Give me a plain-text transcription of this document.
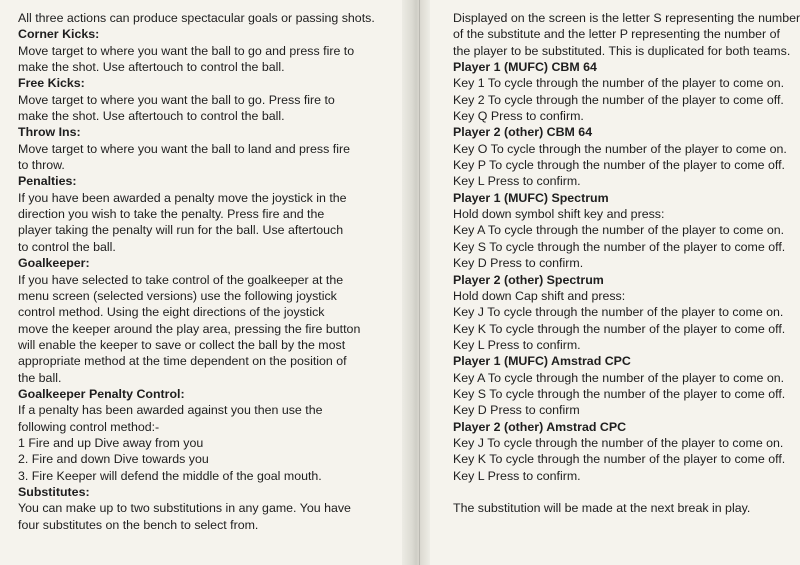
All three actions can produce spectacular goals or passing shots.
Corner Kicks:
Move target to where you want the ball to go and press fire to
make the shot. Use aftertouch to control the ball.
Free Kicks:
Move target to where you want the ball to go. Press fire to
make the shot. Use aftertouch to control the ball.
Throw Ins:
Move target to where you want the ball to land and press fire
to throw.
Penalties:
If you have been awarded a penalty move the joystick in the
direction you wish to take the penalty. Press fire and the
player taking the penalty will run for the ball. Use aftertouch
to control the ball.
Goalkeeper:
If you have selected to take control of the goalkeeper at the
menu screen (selected versions) use the following joystick
control method. Using the eight directions of the joystick
move the keeper around the play area, pressing the fire button
will enable the keeper to save or collect the ball by the most
appropriate method at the time dependent on the position of
the ball.
Goalkeeper Penalty Control:
If a penalty has been awarded against you then use the
following control method:-
1 Fire and up Dive away from you
2. Fire and down Dive towards you
3. Fire Keeper will defend the middle of the goal mouth.
Substitutes:
You can make up to two substitutions in any game. You have
four substitutes on the bench to select from.
Displayed on the screen is the letter S representing the number
of the substitute and the letter P representing the number of
the player to be substituted. This is duplicated for both teams.
Player 1 (MUFC) CBM 64
Key 1 To cycle through the number of the player to come on.
Key 2 To cycle through the number of the player to come off.
Key Q Press to confirm.
Player 2 (other) CBM 64
Key O To cycle through the number of the player to come on.
Key P To cycle through the number of the player to come off.
Key L Press to confirm.
Player 1 (MUFC) Spectrum
Hold down symbol shift key and press:
Key A To cycle through the number of the player to come on.
Key S To cycle through the number of the player to come off.
Key D Press to confirm.
Player 2 (other) Spectrum
Hold down Cap shift and press:
Key J To cycle through the number of the player to come on.
Key K To cycle through the number of the player to come off.
Key L Press to confirm.
Player 1 (MUFC) Amstrad CPC
Key A To cycle through the number of the player to come on.
Key S To cycle through the number of the player to come off.
Key D Press to confirm
Player 2 (other) Amstrad CPC
Key J To cycle through the number of the player to come on.
Key K To cycle through the number of the player to come off.
Key L Press to confirm.
The substitution will be made at the next break in play.
